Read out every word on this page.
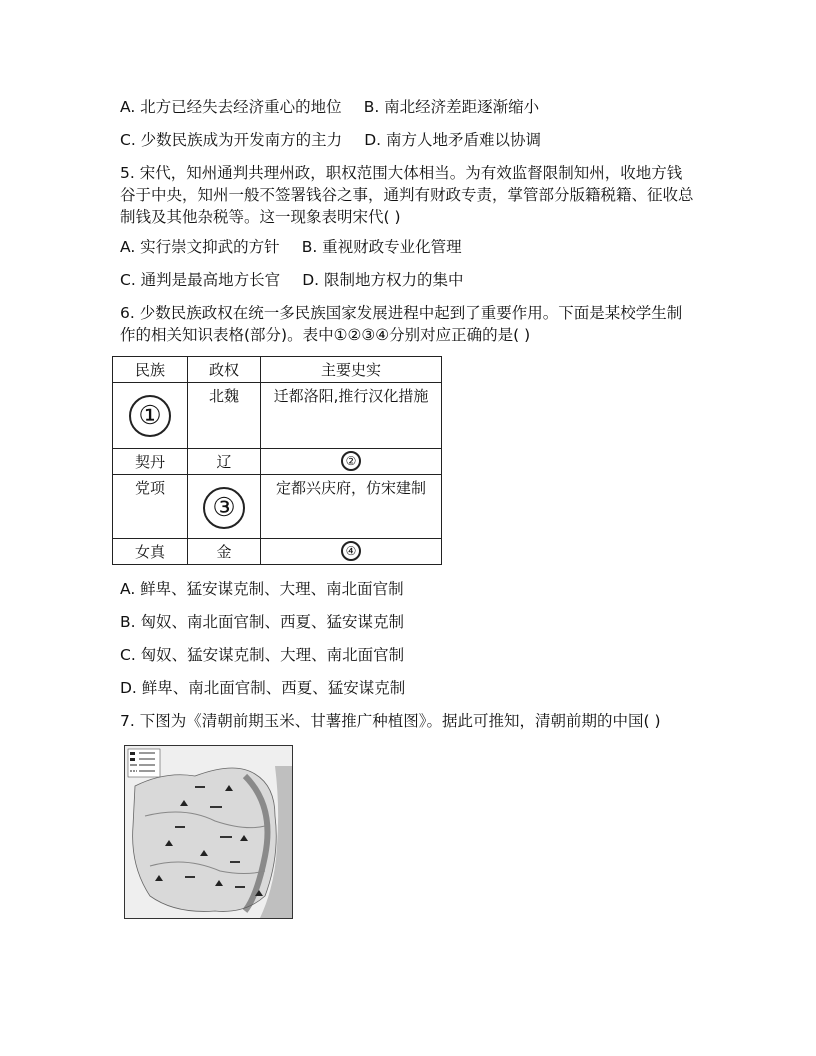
A. 北方已经失去经济重心的地位 B. 南北经济差距逐渐缩小
C. 少数民族成为开发南方的主力 D. 南方人地矛盾难以协调
5. 宋代，知州通判共理州政，职权范围大体相当。为有效监督限制知州，收地方钱
谷于中央，知州一般不签署钱谷之事，通判有财政专责，掌管部分版籍税籍、征收总
制钱及其他杂税等。这一现象表明宋代( )
A. 实行崇文抑武的方针 B. 重视财政专业化管理
C. 通判是最高地方长官 D. 限制地方权力的集中
6. 少数民族政权在统一多民族国家发展进程中起到了重要作用。下面是某校学生制
作的相关知识表格(部分)。表中①②③④分别对应正确的是( )
民族	政权	主要史实
①	北魏	迁都洛阳,推行汉化措施
契丹	辽	②
党项	③	定都兴庆府，仿宋建制
女真	金	④
A. 鲜卑、猛安谋克制、大理、南北面官制
B. 匈奴、南北面官制、西夏、猛安谋克制
C. 匈奴、猛安谋克制、大理、南北面官制
D. 鲜卑、南北面官制、西夏、猛安谋克制
7. 下图为《清朝前期玉米、甘薯推广种植图》。据此可推知，清朝前期的中国( )
